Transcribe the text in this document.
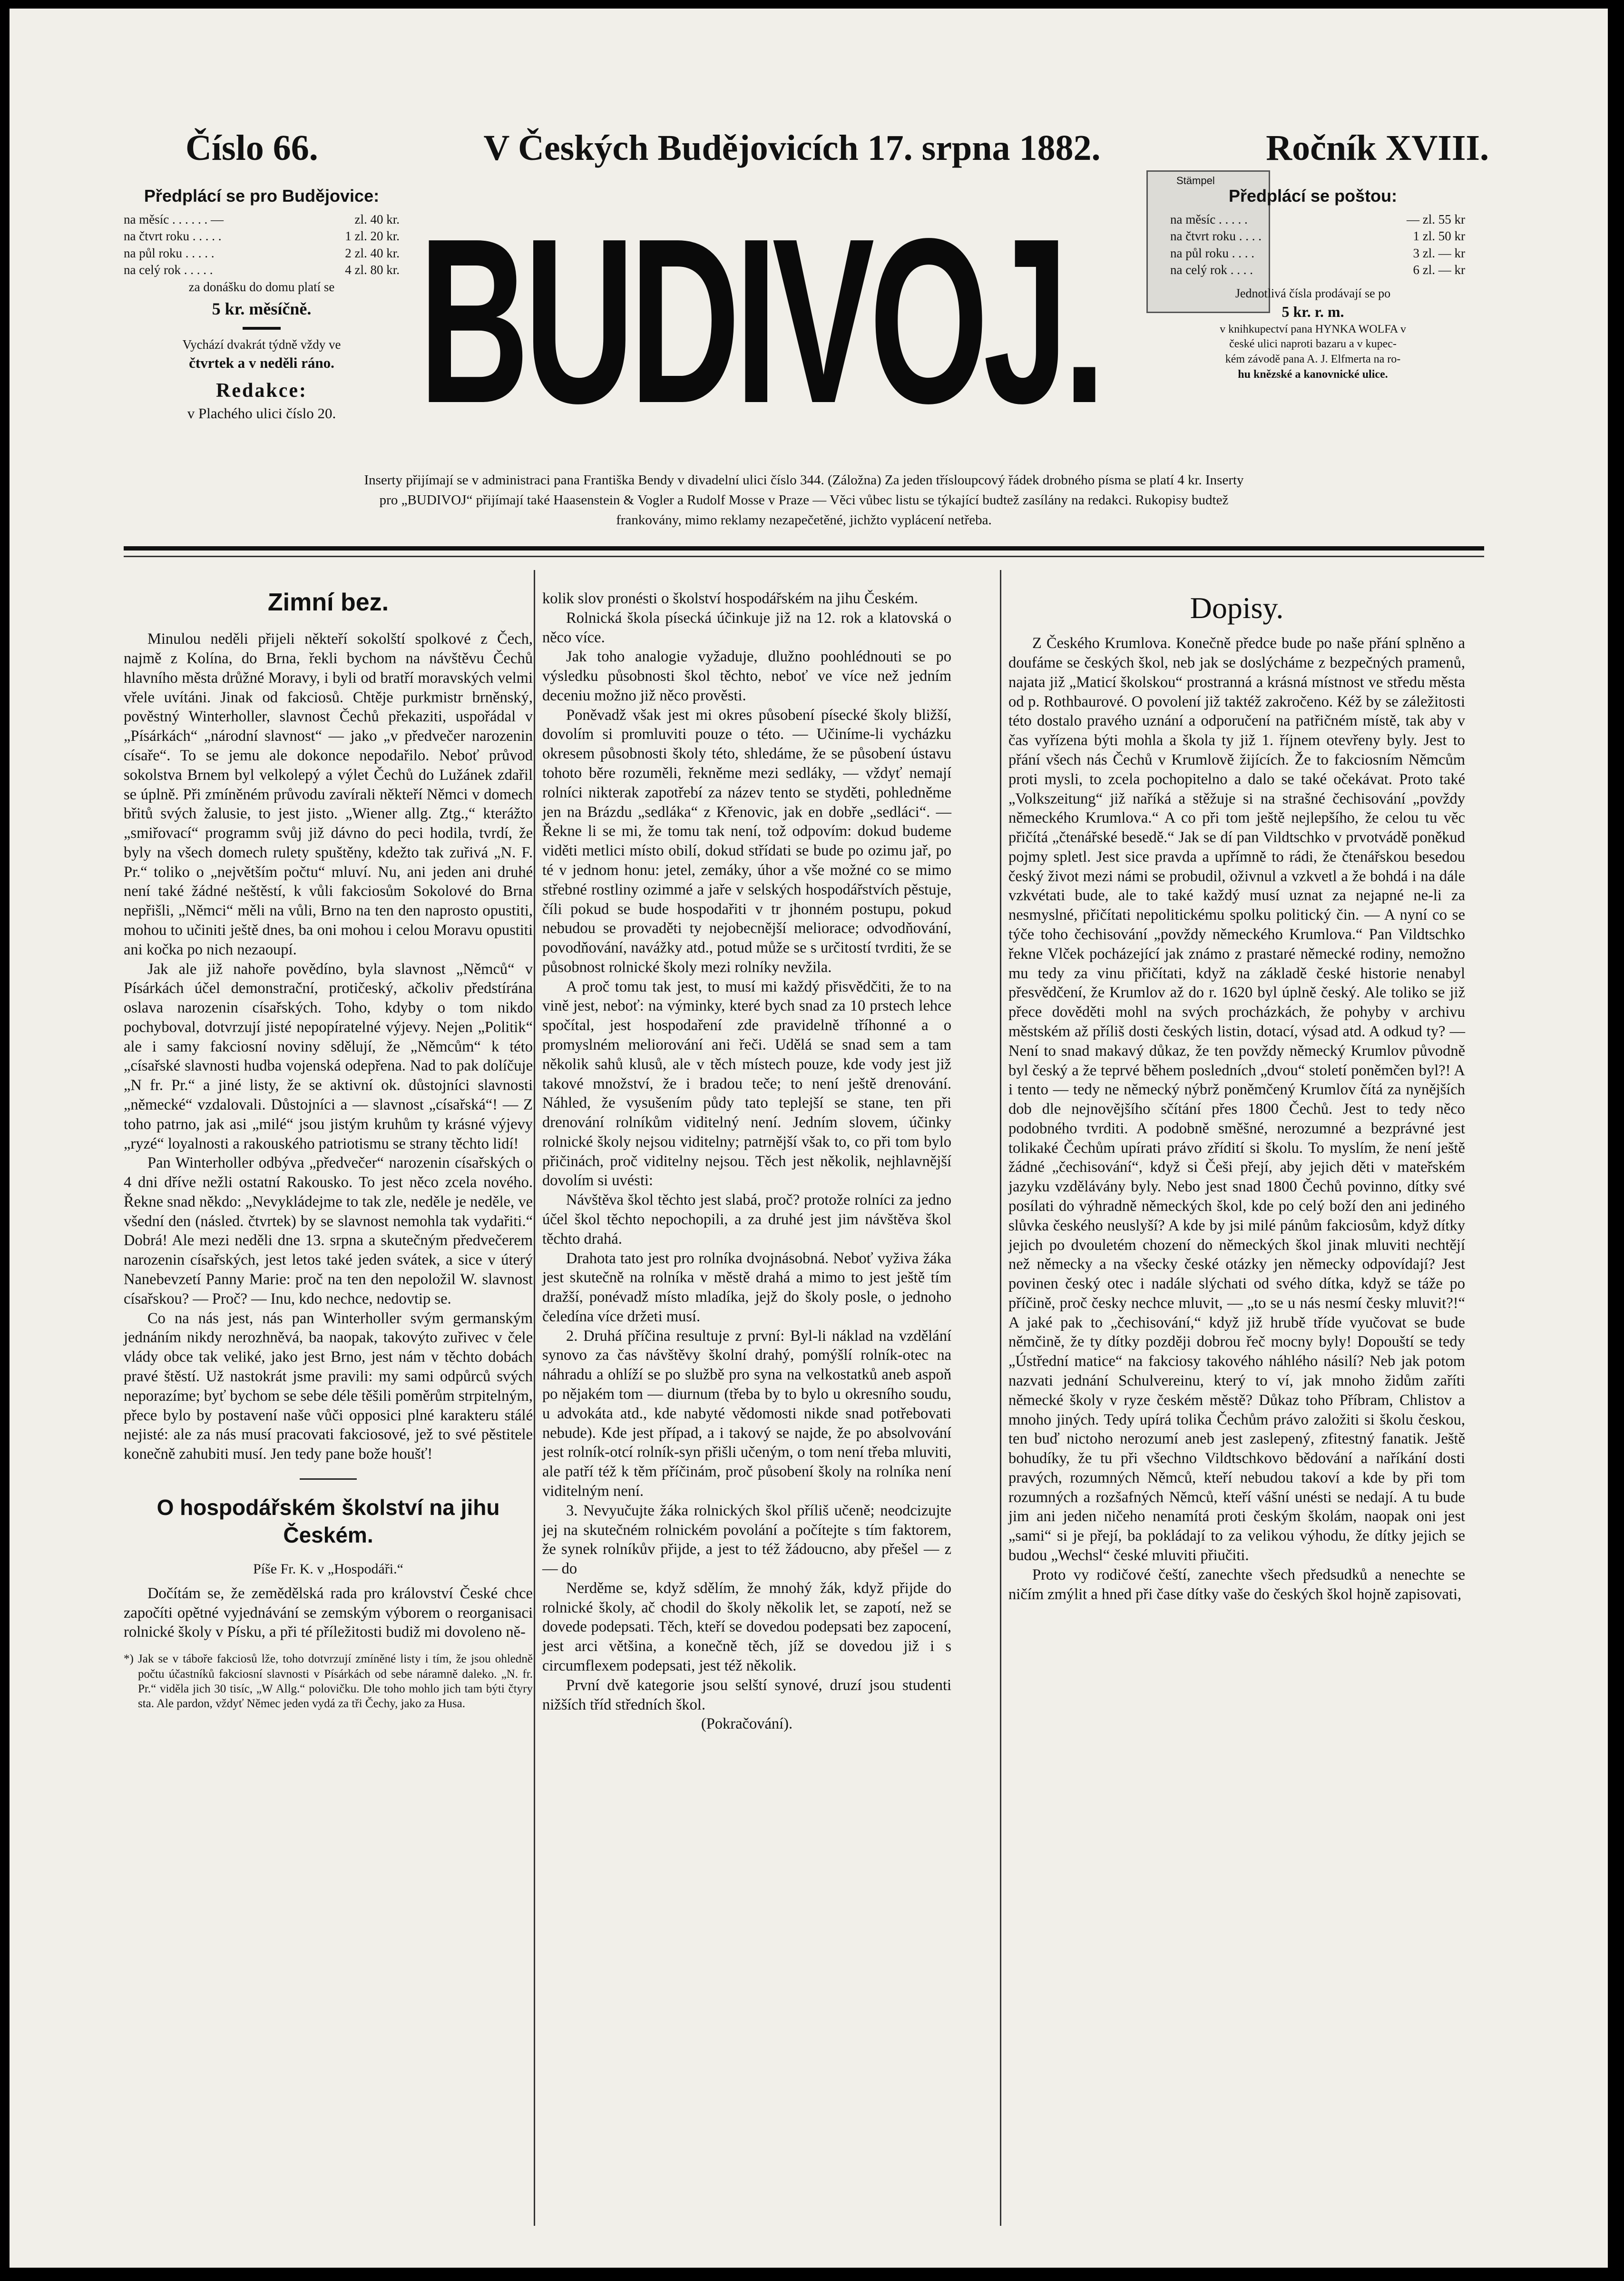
Číslo 66.	V Českých Budějovicích 17. srpna 1882.	Ročník XVIII.
Předplácí se pro Budějovice:
na měsíc . . . . . . —	zl. 40 kr.
na čtvrt roku . . . . .	1 zl. 20 kr.
na půl roku . . . . .	2 zl. 40 kr.
na celý rok . . . . .	4 zl. 80 kr.
za donášku do domu platí se
5 kr. měsíčně.
Vychází dvakrát týdně vždy ve
čtvrtek a v neděli ráno.
Redakce:
v Plachého ulici číslo 20. BUDIVOJ.
Stämpel
Předplácí se poštou:
na měsíc . . . . .	— zl. 55 kr
na čtvrt roku . . . .	1 zl. 50 kr
na půl roku . . . .	3 zl. — kr
na celý rok . . . .	6 zl. — kr
Jednotlivá čísla prodávají se po
5 kr. r. m.
v knihkupectví pana HYNKA WOLFA v
české ulici naproti bazaru a v kupec-
kém závodě pana A. J. Elfmerta na ro-
hu knězské a kanovnické ulice.
Inserty přijímají se v administraci pana Františka Bendy v divadelní ulici číslo 344. (Záložna) Za jeden třísloupcový řádek drobného písma se platí 4 kr. Inserty
pro „BUDIVOJ“ přijímají také Haasenstein & Vogler a Rudolf Mosse v Praze — Věci vůbec listu se týkající budtež zasílány na redakci. Rukopisy budtež
frankovány, mimo reklamy nezapečetěné, jichžto vyplácení netřeba.
Zimní bez.

Minulou neděli přijeli někteří sokolští spolkové z Čech, najmě z Kolína, do Brna, řekli bychom na návštěvu Čechů hlavního města drůžné Moravy, i byli od bratří moravských velmi vřele uvítáni. Jinak od fakciosů. Chtěje purkmistr brněnský, pověstný Winterholler, slavnost Čechů překaziti, uspořádal v „Písárkách“ „národní slavnost“ — jako „v předvečer narozenin císaře“. To se jemu ale dokonce nepodařilo. Neboť průvod sokolstva Brnem byl velkolepý a výlet Čechů do Lužánek zdařil se úplně. Při zmíněném průvodu zavírali někteří Němci v domech břitů svých žalusie, to jest jisto. „Wiener allg. Ztg.,“ kterážto „smiřovací“ programm svůj již dávno do peci hodila, tvrdí, že byly na všech domech rulety spuštěny, kdežto tak zuřivá „N. F. Pr.“ toliko o „největším počtu“ mluví. Nu, ani jeden ani druhé není také žádné neštěstí, k vůli fakciosům Sokolové do Brna nepřišli, „Němci“ měli na vůli, Brno na ten den naprosto opustiti, mohou to učiniti ještě dnes, ba oni mohou i celou Moravu opustiti ani kočka po nich nezaoupí.

Jak ale již nahoře povědíno, byla slavnost „Němců“ v Písárkách účel demonstrační, protičeský, ačkoliv předstírána oslava narozenin císařských. Toho, kdyby o tom nikdo pochyboval, dotvrzují jisté nepopíratelné výjevy. Nejen „Politik“ ale i samy fakciosní noviny sdělují, že „Němcům“ k této „císařské slavnosti hudba vojenská odepřena. Nad to pak dolíčuje „N fr. Pr.“ a jiné listy, že se aktivní ok. důstojníci slavnosti „německé“ vzdalovali. Důstojníci a — slavnost „císařská“! — Z toho patrno, jak asi „milé“ jsou jistým kruhům ty krásné výjevy „ryzé“ loyalnosti a rakouského patriotismu se strany těchto lidí!

Pan Winterholler odbýva „předvečer“ narozenin císařských o 4 dni dříve nežli ostatní Rakousko. To jest něco zcela nového. Řekne snad někdo: „Nevykládejme to tak zle, neděle je neděle, ve všední den (násled. čtvrtek) by se slavnost nemohla tak vydařiti.“ Dobrá! Ale mezi neděli dne 13. srpna a skutečným předvečerem narozenin císařských, jest letos také jeden svátek, a sice v úterý Nanebevzetí Panny Marie: proč na ten den nepoložil W. slavnost císařskou? — Proč? — Inu, kdo nechce, nedovtip se.

Co na nás jest, nás pan Winterholler svým germanským jednáním nikdy nerozhněvá, ba naopak, takovýto zuřivec v čele vlády obce tak veliké, jako jest Brno, jest nám v těchto dobách pravé štěstí. Už nastokrát jsme pravili: my sami odpůrců svých neporazíme; byť bychom se sebe déle těšili poměrům strpitelným, přece bylo by postavení naše vůči opposici plné karakteru stálé nejisté: ale za nás musí pracovati fakciosové, jež to své pěstitele konečně zahubiti musí. Jen tedy pane bože houšť!

O hospodářském školství na jihu Českém.
Píše Fr. K. v „Hospodáři.“

Dočítám se, že zemědělská rada pro království České chce započíti opětné vyjednávání se zemským výborem o reorganisaci rolnické školy v Písku, a při té příležitosti budiž mi dovoleno ně-

*) Jak se v táboře fakciosů lže, toho dotvrzují zmíněné listy i tím, že jsou ohledně počtu účastníků fakciosní slavnosti v Písárkách od sebe náramně daleko. „N. fr. Pr.“ viděla jich 30 tisíc, „W Allg.“ polovičku. Dle toho mohlo jich tam býti čtyry sta. Ale pardon, vždyť Němec jeden vydá za tři Čechy, jako za Husa.

kolik slov pronésti o školství hospodářském na jihu Českém.

Rolnická škola písecká účinkuje již na 12. rok a klatovská o něco více.

Jak toho analogie vyžaduje, dlužno poohlédnouti se po výsledku působnosti škol těchto, neboť ve více než jedním deceniu možno již něco prověsti.

Poněvadž však jest mi okres působení písecké školy bližší, dovolím si promluviti pouze o této. — Učiníme-li vycházku okresem působnosti školy této, shledáme, že se působení ústavu tohoto běre rozuměli, řekněme mezi sedláky, — vždyť nemají rolníci nikterak zapotřebí za název tento se styděti, pohledněme jen na Brázdu „sedláka“ z Křenovic, jak en dobře „sedláci“. — Řekne li se mi, že tomu tak není, tož odpovím: dokud budeme viděti metlici místo obilí, dokud střídati se bude po ozimu jař, po té v jednom honu: jetel, zemáky, úhor a vše možné co se mimo střebné rostliny ozimmé a jaře v selských hospodářstvích pěstuje, číli pokud se bude hospodařiti v tr jhonném postupu, pokud nebudou se provaděti ty nejobecnější meliorace; odvodňování, povodňování, navážky atd., potud může se s určitostí tvrditi, že se působnost rolnické školy mezi rolníky nevžila.

A proč tomu tak jest, to musí mi každý přisvědčiti, že to na vině jest, neboť: na výminky, které bych snad za 10 prstech lehce spočítal, jest hospodaření zde pravidelně tříhonné a o promyslném meliorování ani řeči. Udělá se snad sem a tam několik sahů klusů, ale v těch místech pouze, kde vody jest již takové množství, že i bradou teče; to není ještě drenování. Náhled, že vysušením půdy tato teplejší se stane, ten při drenování rolníkům viditelný není. Jedním slovem, účinky rolnické školy nejsou viditelny; patrnější však to, co při tom bylo přičinách, proč viditelny nejsou. Těch jest několik, nejhlavnější dovolím si uvésti:

Návštěva škol těchto jest slabá, proč? protože rolníci za jedno účel škol těchto nepochopili, a za druhé jest jim návštěva škol těchto drahá.

Drahota tato jest pro rolníka dvojnásobná. Neboť vyživa žáka jest skutečně na rolníka v městě drahá a mimo to jest ještě tím dražší, ponévadž místo mladíka, jejž do školy posle, o jednoho čeledína více držeti musí.

2. Druhá příčina resultuje z první: Byl-li náklad na vzdělání synovo za čas návštěvy školní drahý, pomýšlí rolník-otec na náhradu a ohlíží se po službě pro syna na velkostatků aneb aspoň po nějakém tom — diurnum (třeba by to bylo u okresního soudu, u advokáta atd., kde nabyté vědomosti nikde snad potřebovati nebude). Kde jest případ, a i takový se najde, že po absolvování jest rolník-otcí rolník-syn přišli učeným, o tom není třeba mluviti, ale patří též k těm příčinám, proč působení školy na rolníka není viditelným není.

3. Nevyučujte žáka rolnických škol příliš učeně; neodcizujte jej na skutečném rolnickém povolání a počítejte s tím faktorem, že synek rolníkův přijde, a jest to též žádoucno, aby přešel — z — do

Nerděme se, když sdělím, že mnohý žák, když přijde do rolnické školy, ač chodil do školy několik let, se zapotí, než se dovede podepsati. Těch, kteří se dovedou podepsati bez zapocení, jest arci většina, a konečně těch, jíž se dovedou již i s circumflexem podepsati, jest též několik.

První dvě kategorie jsou selští synové, druzí jsou studenti nižších tříd středních škol.

(Pokračování).

Dopisy.

Z Českého Krumlova. Konečně předce bude po naše přání splněno a doufáme se českých škol, neb jak se doslýcháme z bezpečných pramenů, najata již „Maticí školskou“ prostranná a krásná místnost ve středu města od p. Rothbaurové. O povolení již taktéž zakročeno. Kéž by se záležitosti této dostalo pravého uznání a odporučení na patřičném místě, tak aby v čas vyřízena býti mohla a škola ty již 1. říjnem otevřeny byly. Jest to přání všech nás Čechů v Krumlově žijících. Že to fakciosním Němcům proti mysli, to zcela pochopitelno a dalo se také očekávat. Proto také „Volkszeitung“ již naříká a stěžuje si na strašné čechisování „povždy německého Krumlova.“ A co při tom ještě nejlepšího, že celou tu věc přičítá „čtenářské besedě.“ Jak se dí pan Vildtschko v prvotvádě poněkud pojmy spletl. Jest sice pravda a upřímně to rádi, že čtenářskou besedou český život mezi námi se probudil, oživnul a vzkvetl a že bohdá i na dále vzkvétati bude, ale to také každý musí uznat za nejapné ne-li za nesmyslné, přičítati nepolitickému spolku politický čin. — A nyní co se týče toho čechisování „povždy německého Krumlova.“ Pan Vildtschko řekne Vlček pocházející jak známo z prastaré německé rodiny, nemožno mu tedy za vinu přičítati, když na základě české historie nenabyl přesvědčení, že Krumlov až do r. 1620 byl úplně český. Ale toliko se již přece dověděti mohl na svých procházkách, že pohyby v archivu městském až příliš dosti českých listin, dotací, výsad atd. A odkud ty? — Není to snad makavý důkaz, že ten povždy německý Krumlov původně byl český a že teprvé během posledních „dvou“ století poněmčen byl?! A i tento — tedy ne německý nýbrž poněmčený Krumlov čítá za nynějších dob dle nejnovějšího sčítání přes 1800 Čechů. Jest to tedy něco podobného tvrditi. A podobně směšné, nerozumné a bezprávné jest tolikaké Čechům upírati právo zřídití si školu. To myslím, že není ještě žádné „čechisování“, když si Češi přejí, aby jejich děti v mateřském jazyku vzdělávány byly. Nebo jest snad 1800 Čechů povinno, dítky své posílati do výhradně německých škol, kde po celý boží den ani jediného slůvka českého neuslyší? A kde by jsi milé pánům fakciosům, když dítky jejich po dvouletém chození do německých škol jinak mluviti nechtějí než německy a na všecky české otázky jen německy odpovídají? Jest povinen český otec i nadále slýchati od svého dítka, když se táže po příčině, proč česky nechce mluvit, — „to se u nás nesmí česky mluvit?!“ A jaké pak to „čechisování,“ když již hrubě tříde vyučovat se bude němčině, že ty dítky později dobrou řeč mocny byly! Dopouští se tedy „Ústřední matice“ na fakciosy takového náhlého násilí? Neb jak potom nazvati jednání Schulvereinu, který to ví, jak mnoho židům zaříti německé školy v ryze českém městě? Důkaz toho Příbram, Chlistov a mnoho jiných. Tedy upírá tolika Čechům právo založiti si školu českou, ten buď nictoho nerozumí aneb jest zaslepený, zfitestný fanatik. Ještě bohudíky, že tu při všechno Vildtschkovo bědování a naříkání dosti pravých, rozumných Němců, kteří nebudou takoví a kde by při tom rozumných a rozšafných Němců, kteří vášní unésti se nedají. A tu bude jim ani jeden ničeho nenamítá proti českým školám, naopak oni jest „sami“ si je přejí, ba pokládají to za velikou výhodu, že dítky jejich se budou „Wechsl“ české mluviti přiučiti.

Proto vy rodičové čeští, zanechte všech předsudků a nenechte se ničím zmýlit a hned při čase dítky vaše do českých škol hojně zapisovati,
